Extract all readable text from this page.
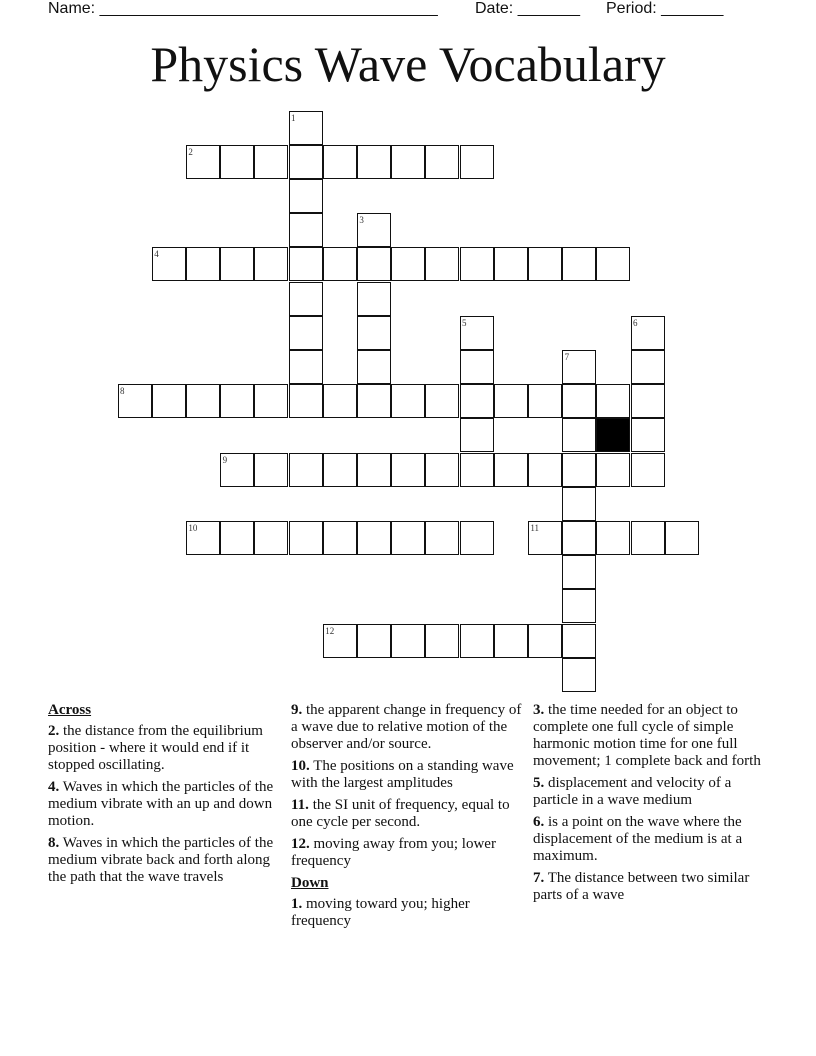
Name: ______________________________________

Date: _______

Period: _______

Physics Wave Vocabulary
2
4
8
9
10	11
12
1
3
5	6
7
Across
2. the distance from the equilibrium position - where it would end if it stopped oscillating.
4. Waves in which the particles of the medium vibrate with an up and down motion.
8. Waves in which the particles of the medium vibrate back and forth along the path that the wave travels
9. the apparent change in frequency of a wave due to relative motion of the observer and/or source.
10. The positions on a standing wave with the largest amplitudes
11. the SI unit of frequency, equal to one cycle per second.
12. moving away from you; lower frequency
Down
1. moving toward you; higher frequency
3. the time needed for an object to complete one full cycle of simple harmonic motion time for one full movement; 1 complete back and forth
5. displacement and velocity of a particle in a wave medium
6. is a point on the wave where the displacement of the medium is at a maximum.
7. The distance between two similar parts of a wave
